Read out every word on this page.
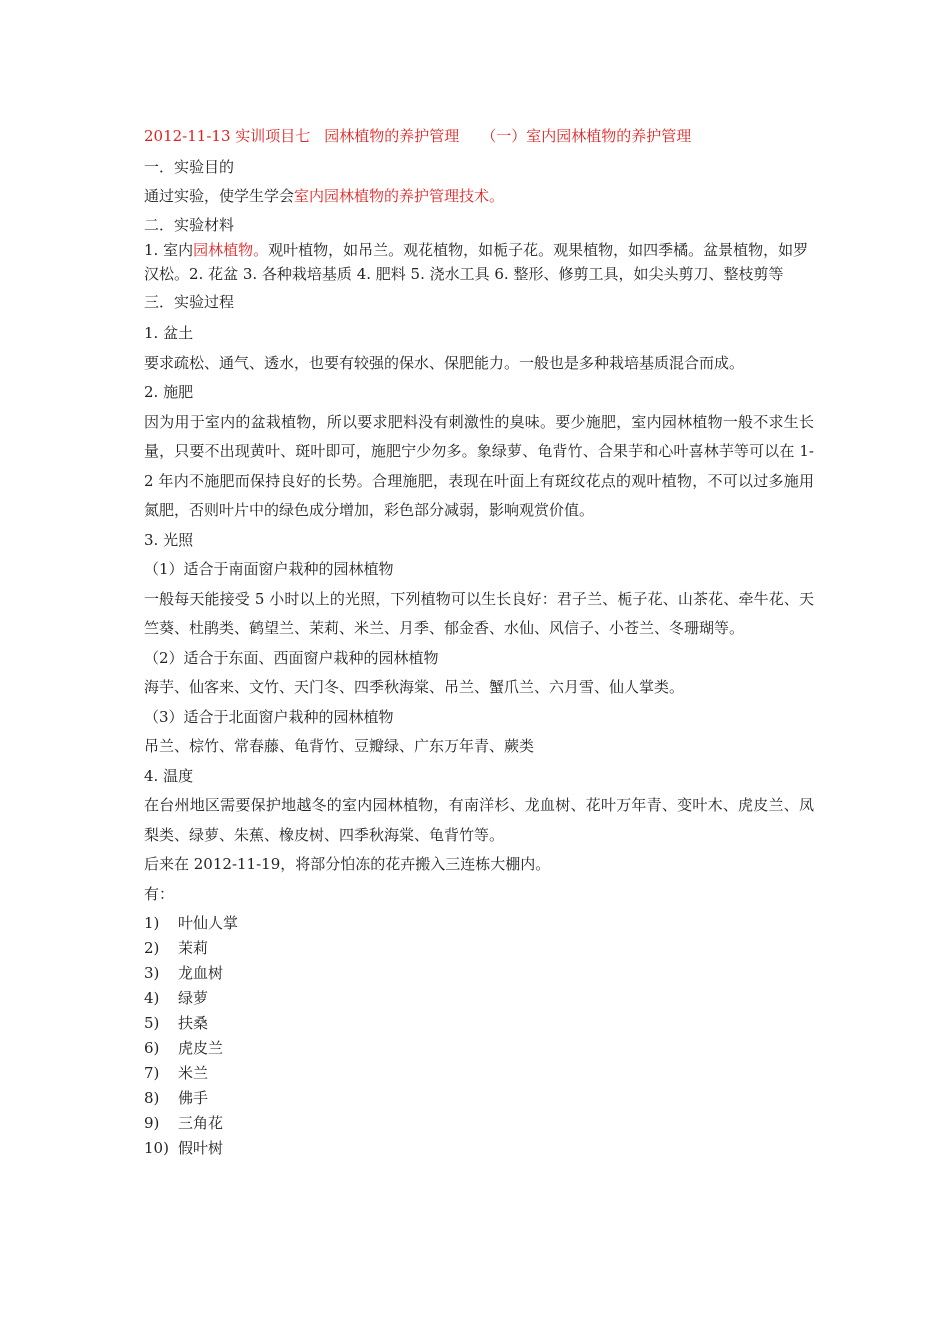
2012-11-13 实训项目七 园林植物的养护管理 （一）室内园林植物的养护管理

一．实验目的

通过实验，使学生学会室内园林植物的养护管理技术。

二．实验材料

1. 室内园林植物。观叶植物，如吊兰。观花植物，如栀子花。观果植物，如四季橘。盆景植物，如罗汉松。2. 花盆 3. 各种栽培基质 4. 肥料 5. 浇水工具 6. 整形、修剪工具，如尖头剪刀、整枝剪等

三．实验过程

1. 盆土

要求疏松、通气、透水，也要有较强的保水、保肥能力。一般也是多种栽培基质混合而成。

2. 施肥

因为用于室内的盆栽植物，所以要求肥料没有刺激性的臭味。要少施肥，室内园林植物一般不求生长量，只要不出现黄叶、斑叶即可，施肥宁少勿多。象绿萝、龟背竹、合果芋和心叶喜林芋等可以在 1-2 年内不施肥而保持良好的长势。合理施肥，表现在叶面上有斑纹花点的观叶植物，不可以过多施用氮肥，否则叶片中的绿色成分增加，彩色部分减弱，影响观赏价值。

3. 光照

（1）适合于南面窗户栽种的园林植物

一般每天能接受 5 小时以上的光照，下列植物可以生长良好：君子兰、栀子花、山茶花、牵牛花、天竺葵、杜鹃类、鹤望兰、茉莉、米兰、月季、郁金香、水仙、风信子、小苍兰、冬珊瑚等。

（2）适合于东面、西面窗户栽种的园林植物

海芋、仙客来、文竹、天门冬、四季秋海棠、吊兰、蟹爪兰、六月雪、仙人掌类。

（3）适合于北面窗户栽种的园林植物

吊兰、棕竹、常春藤、龟背竹、豆瓣绿、广东万年青、蕨类

4. 温度

在台州地区需要保护地越冬的室内园林植物，有南洋杉、龙血树、花叶万年青、变叶木、虎皮兰、凤梨类、绿萝、朱蕉、橡皮树、四季秋海棠、龟背竹等。

后来在 2012-11-19，将部分怕冻的花卉搬入三连栋大棚内。

有：

1) 叶仙人掌
2) 茉莉
3) 龙血树
4) 绿萝
5) 扶桑
6) 虎皮兰
7) 米兰
8) 佛手
9) 三角花
10) 假叶树
